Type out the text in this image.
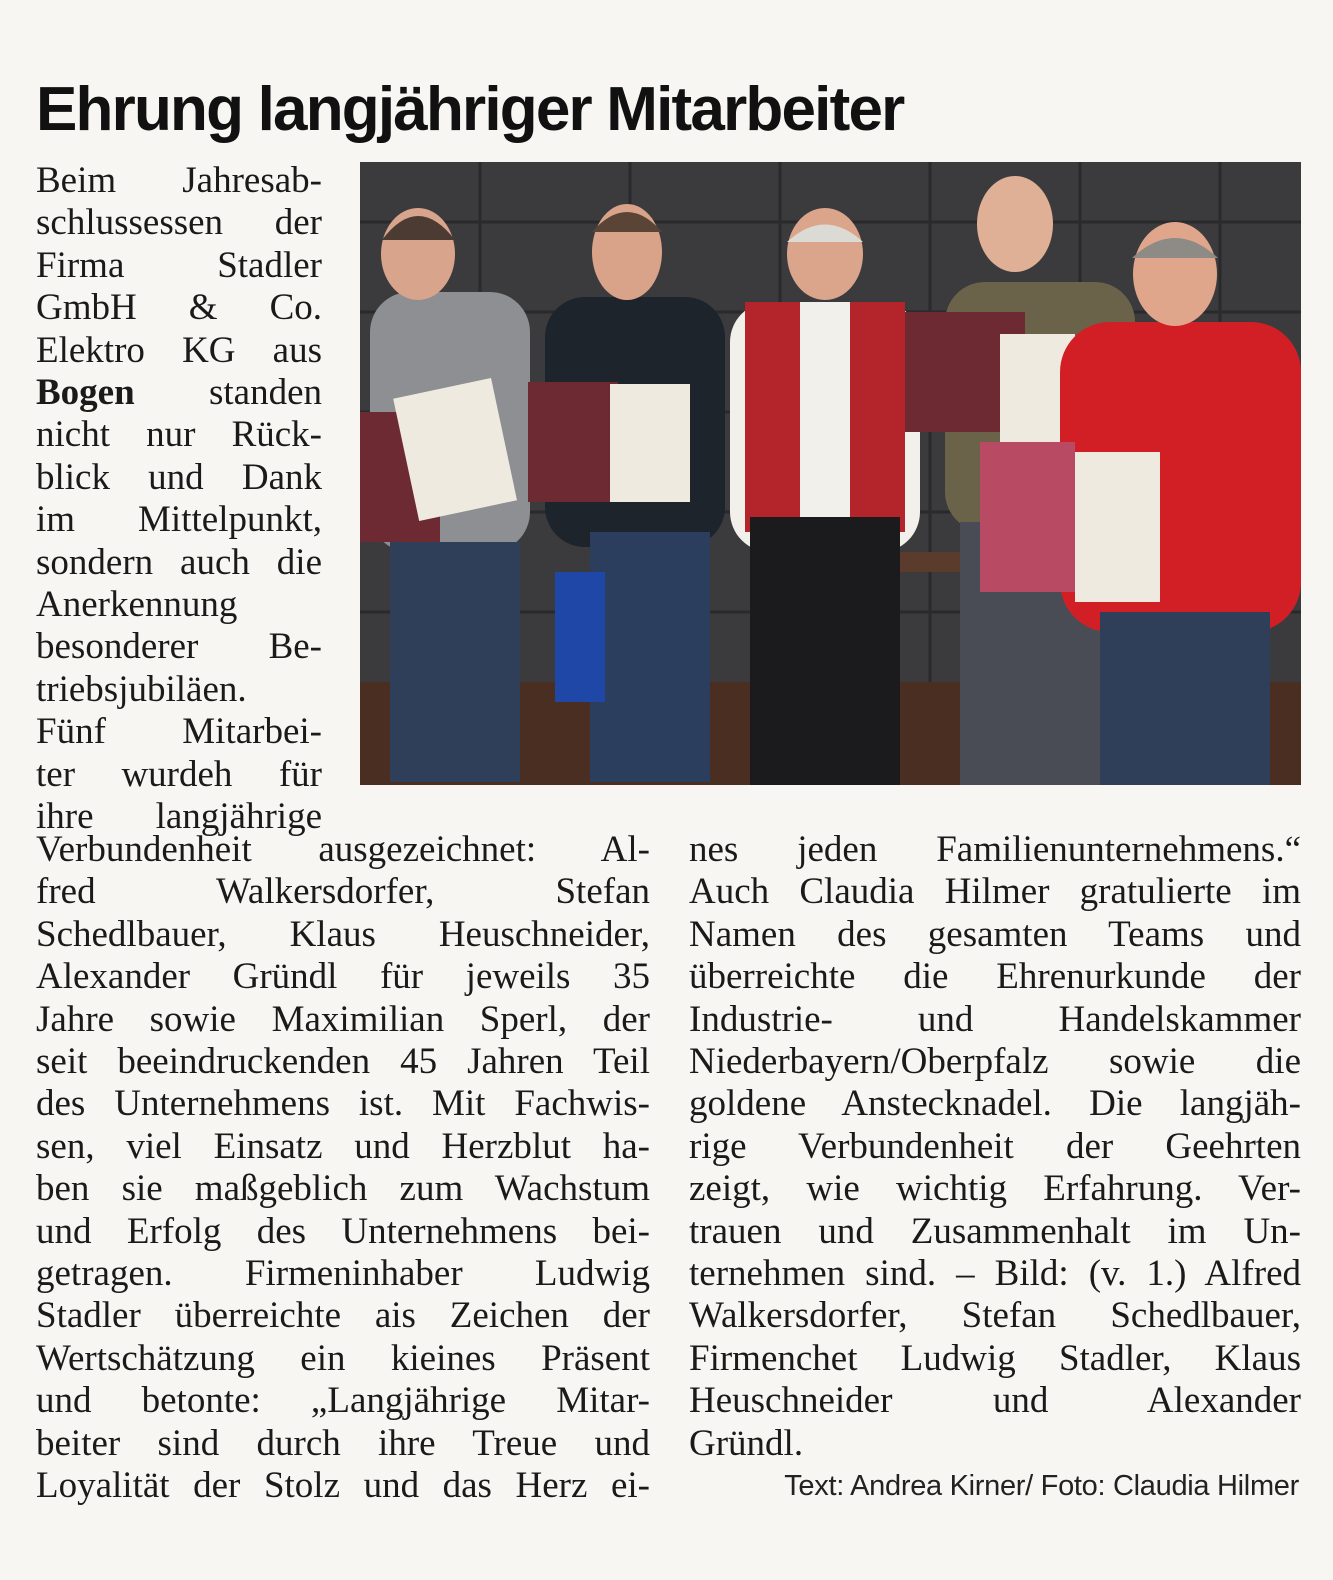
Ehrung langjähriger Mitarbeiter
Beim Jahresab-
schlussessen der
Firma Stadler
GmbH & Co.
Elektro KG aus
Bogen standen
nicht nur Rück-
blick und Dank
im Mittelpunkt,
sondern auch die
Anerkennung
besonderer Be-
triebsjubiläen.
Fünf Mitarbei-
ter wurdeh für
ihre langjährige
Verbundenheit ausgezeichnet: Al-
fred Walkersdorfer, Stefan
Schedlbauer, Klaus Heuschneider,
Alexander Gründl für jeweils 35
Jahre sowie Maximilian Sperl, der
seit beeindruckenden 45 Jahren Teil
des Unternehmens ist. Mit Fachwis-
sen, viel Einsatz und Herzblut ha-
ben sie maßgeblich zum Wachstum
und Erfolg des Unternehmens bei-
getragen. Firmeninhaber Ludwig
Stadler überreichte ais Zeichen der
Wertschätzung ein kieines Präsent
und betonte: „Langjährige Mitar-
beiter sind durch ihre Treue und
Loyalität der Stolz und das Herz ei-
nes jeden Familienunternehmens.“
Auch Claudia Hilmer gratulierte im
Namen des gesamten Teams und
überreichte die Ehrenurkunde der
Industrie- und Handelskammer
Niederbayern/Oberpfalz sowie die
goldene Anstecknadel. Die langjäh-
rige Verbundenheit der Geehrten
zeigt, wie wichtig Erfahrung. Ver-
trauen und Zusammenhalt im Un-
ternehmen sind. – Bild: (v. 1.) Alfred
Walkersdorfer, Stefan Schedlbauer,
Firmenchet Ludwig Stadler, Klaus
Heuschneider und Alexander
Gründl.
Text: Andrea Kirner/ Foto: Claudia Hilmer
